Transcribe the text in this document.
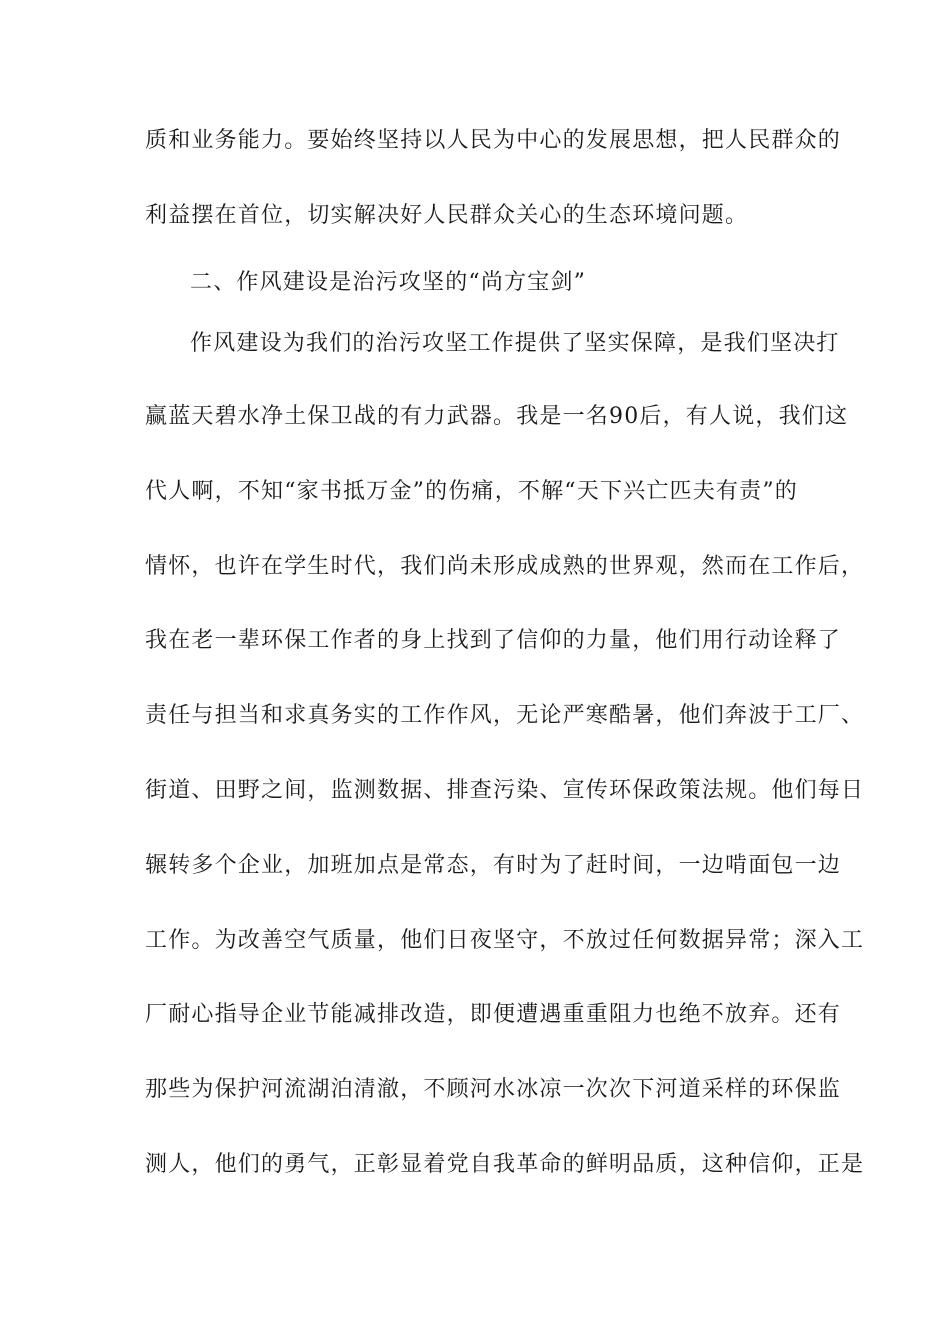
质和业务能力。要始终坚持以人民为中心的发展思想，把人民群众的
利益摆在首位，切实解决好人民群众关心的生态环境问题。
二、作风建设是治污攻坚的“尚方宝剑”
作风建设为我们的治污攻坚工作提供了坚实保障，是我们坚决打
赢蓝天碧水净土保卫战的有力武器。我是一名90后，有人说，我们这
代人啊，不知“家书抵万金”的伤痛，不解“天下兴亡匹夫有责”的
情怀，也许在学生时代，我们尚未形成成熟的世界观，然而在工作后，
我在老一辈环保工作者的身上找到了信仰的力量，他们用行动诠释了
责任与担当和求真务实的工作作风，无论严寒酷暑，他们奔波于工厂、
街道、田野之间，监测数据、排查污染、宣传环保政策法规。他们每日
辗转多个企业，加班加点是常态，有时为了赶时间，一边啃面包一边
工作。为改善空气质量，他们日夜坚守，不放过任何数据异常；深入工
厂耐心指导企业节能减排改造，即便遭遇重重阻力也绝不放弃。还有
那些为保护河流湖泊清澈，不顾河水冰凉一次次下河道采样的环保监
测人，他们的勇气，正彰显着党自我革命的鲜明品质，这种信仰，正是
